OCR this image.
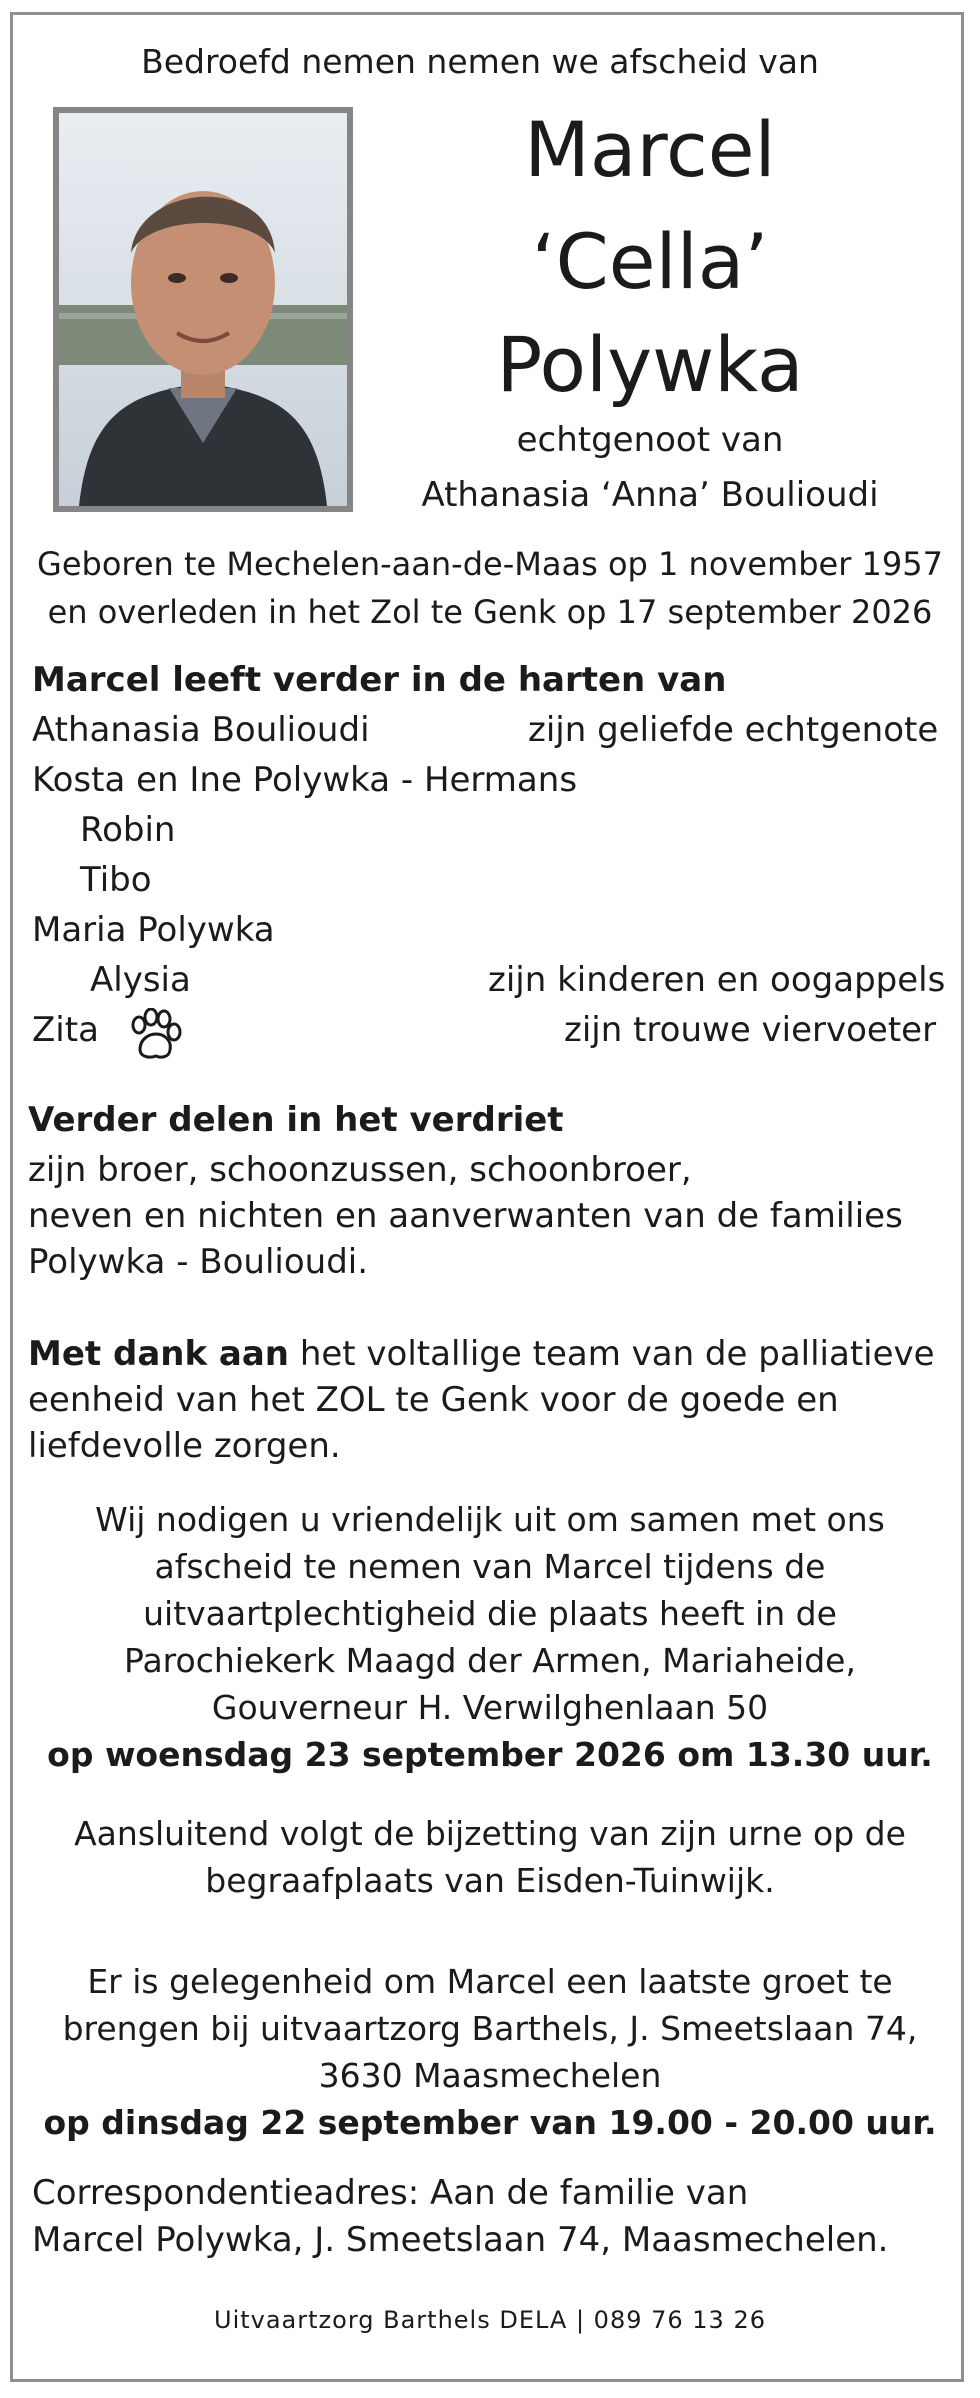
Bedroefd nemen nemen we afscheid van
Marcel
‘Cella’
Polywka
echtgenoot van
Athanasia ‘Anna’ Boulioudi
Geboren te Mechelen-aan-de-Maas op 1 november 1957
en overleden in het Zol te Genk op 17 september 2026
Marcel leeft verder in de harten van
Athanasia Boulioudi	zijn geliefde echtgenote
Kosta en Ine Polywka - Hermans
Robin
Tibo
Maria Polywka
Alysia	zijn kinderen en oogappels
Zita	zijn trouwe viervoeter
Verder delen in het verdriet
zijn broer, schoonzussen, schoonbroer,
neven en nichten en aanverwanten van de families
Polywka - Boulioudi.
Met dank aan het voltallige team van de palliatieve
eenheid van het ZOL te Genk voor de goede en
liefdevolle zorgen.
Wij nodigen u vriendelijk uit om samen met ons
afscheid te nemen van Marcel tijdens de
uitvaartplechtigheid die plaats heeft in de
Parochiekerk Maagd der Armen, Mariaheide,
Gouverneur H. Verwilghenlaan 50
op woensdag 23 september 2026 om 13.30 uur.
Aansluitend volgt de bijzetting van zijn urne op de
begraafplaats van Eisden-Tuinwijk.
Er is gelegenheid om Marcel een laatste groet te
brengen bij uitvaartzorg Barthels, J. Smeetslaan 74,
3630 Maasmechelen
op dinsdag 22 september van 19.00 - 20.00 uur.
Correspondentieadres: Aan de familie van
Marcel Polywka, J. Smeetslaan 74, Maasmechelen.
Uitvaartzorg Barthels DELA | 089 76 13 26
